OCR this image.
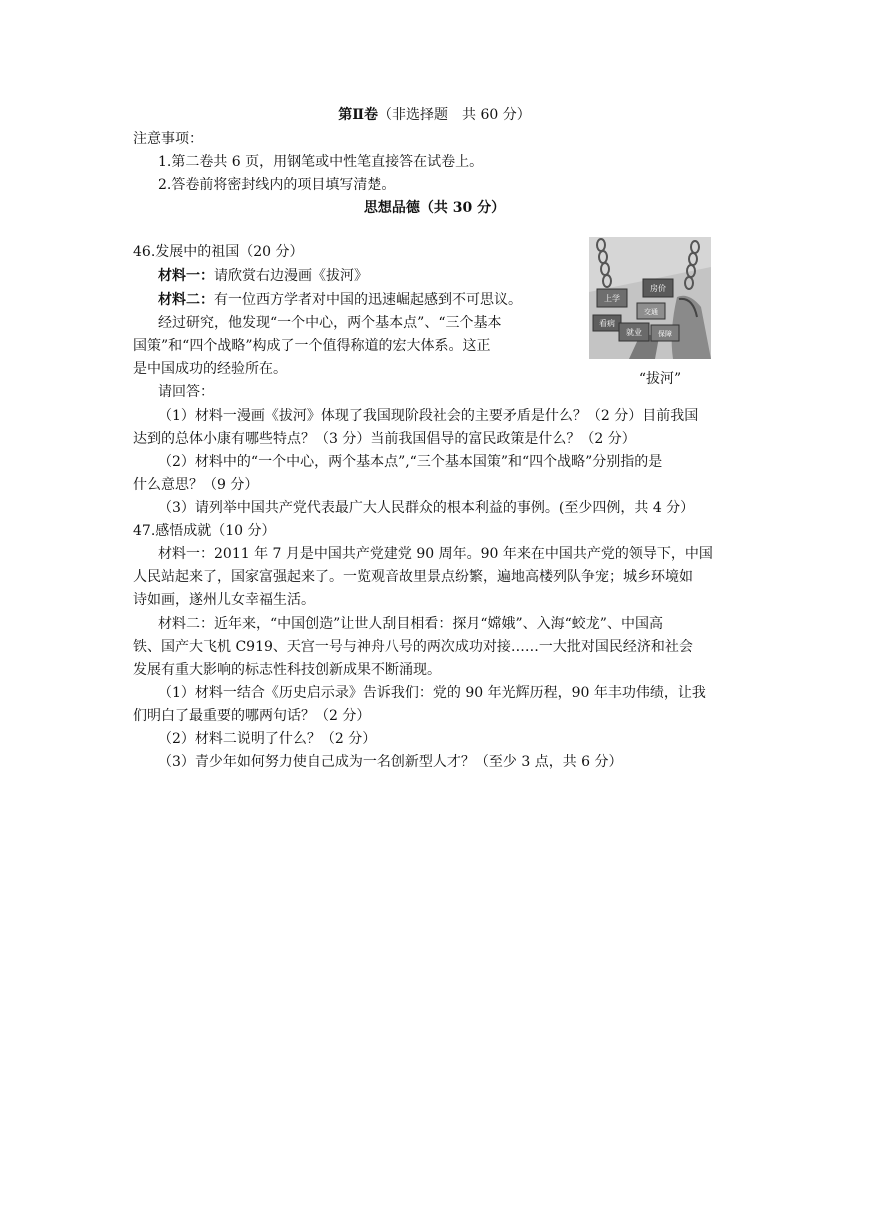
第Ⅱ卷（非选择题　共 60 分）
注意事项：
1.第二卷共 6 页，用钢笔或中性笔直接答在试卷上。
2.答卷前将密封线内的项目填写清楚。
思想品德（共 30 分）
46.发展中的祖国（20 分）
材料一：请欣赏右边漫画《拔河》
材料二：有一位西方学者对中国的迅速崛起感到不可思议。
经过研究，他发现“一个中心，两个基本点”、“三个基本
国策”和“四个战略”构成了一个值得称道的宏大体系。这正
是中国成功的经验所在。
请回答：
上学
房价
交通
看病
就业 保障
“拔河”
（1）材料一漫画《拔河》体现了我国现阶段社会的主要矛盾是什么？（2 分）目前我国
达到的总体小康有哪些特点？（3 分）当前我国倡导的富民政策是什么？（2 分）
（2）材料中的“一个中心，两个基本点”,“三个基本国策”和“四个战略”分别指的是
什么意思？（9 分）
（3）请列举中国共产党代表最广大人民群众的根本利益的事例。(至少四例，共 4 分）
47.感悟成就（10 分）
材料一：2011 年 7 月是中国共产党建党 90 周年。90 年来在中国共产党的领导下，中国
人民站起来了，国家富强起来了。一览观音故里景点纷繁，遍地高楼列队争宠；城乡环境如
诗如画，遂州儿女幸福生活。
材料二：近年来，“中国创造”让世人刮目相看：探月“嫦娥”、入海“蛟龙”、中国高
铁、国产大飞机 C919、天宫一号与神舟八号的两次成功对接……一大批对国民经济和社会
发展有重大影响的标志性科技创新成果不断涌现。
（1）材料一结合《历史启示录》告诉我们：党的 90 年光辉历程，90 年丰功伟绩，让我
们明白了最重要的哪两句话？（2 分）
（2）材料二说明了什么？（2 分）
（3）青少年如何努力使自己成为一名创新型人才？（至少 3 点，共 6 分）
